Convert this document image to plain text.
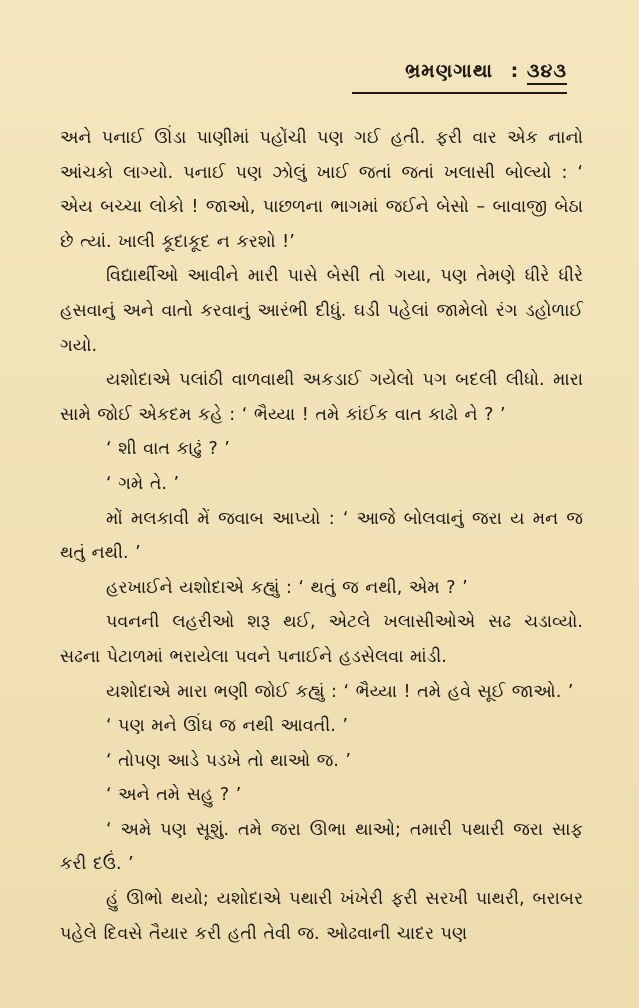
ભ્રમણગાથા : ૩૪૩

અને પનાઈ ઊંડા પાણીમાં પહોંચી પણ ગઈ હતી. ફરી વાર એક નાનો આંચકો લાગ્યો. પનાઈ પણ ઝોલું ખાઈ જતાં જતાં ખલાસી બોલ્યો : ‘ એય બચ્ચા લોકો ! જાઓ, પાછળના ભાગમાં જઈને બેસો – બાવાજી બેઠા છે ત્યાં. ખાલી કૂદાકૂદ ન કરશો !’

વિદ્યાર્થીઓ આવીને મારી પાસે બેસી તો ગયા, પણ તેમણે ધીરે ધીરે હસવાનું અને વાતો કરવાનું આરંભી દીધું. ઘડી પહેલાં જામેલો રંગ ડહોળાઈ ગયો.

યશોદાએ પલાંઠી વાળવાથી અકડાઈ ગયેલો પગ બદલી લીધો. મારા સામે જોઈ એકદમ કહે : ‘ ભૈય્યા ! તમે કાંઈક વાત કાઢો ને ? ’

‘ શી વાત કાઢું ? ’

‘ ગમે તે. ’

મોં મલકાવી મેં જવાબ આપ્યો : ‘ આજે બોલવાનું જરા ય મન જ થતું નથી. ’

હરખાઈને યશોદાએ કહ્યું : ‘ થતું જ નથી, એમ ? ’

પવનની લહરીઓ શરૂ થઈ, એટલે ખલાસીઓએ સઢ ચડાવ્યો. સઢના પેટાળમાં ભરાયેલા પવને પનાઈને હડસેલવા માંડી.

યશોદાએ મારા ભણી જોઈ કહ્યું : ‘ ભૈય્યા ! તમે હવે સૂઈ જાઓ. ’

‘ પણ મને ઊંઘ જ નથી આવતી. ’

‘ તોપણ આડે પડખે તો થાઓ જ. ’

‘ અને તમે સહુ ? ’

‘ અમે પણ સૂશું. તમે જરા ઊભા થાઓ; તમારી પથારી જરા સાફ કરી દઉં. ’

હું ઊભો થયો; યશોદાએ પથારી ખંખેરી ફરી સરખી પાથરી, બરાબર પહેલે દિવસે તૈયાર કરી હતી તેવી જ. ઓઢવાની ચાદર પણ
